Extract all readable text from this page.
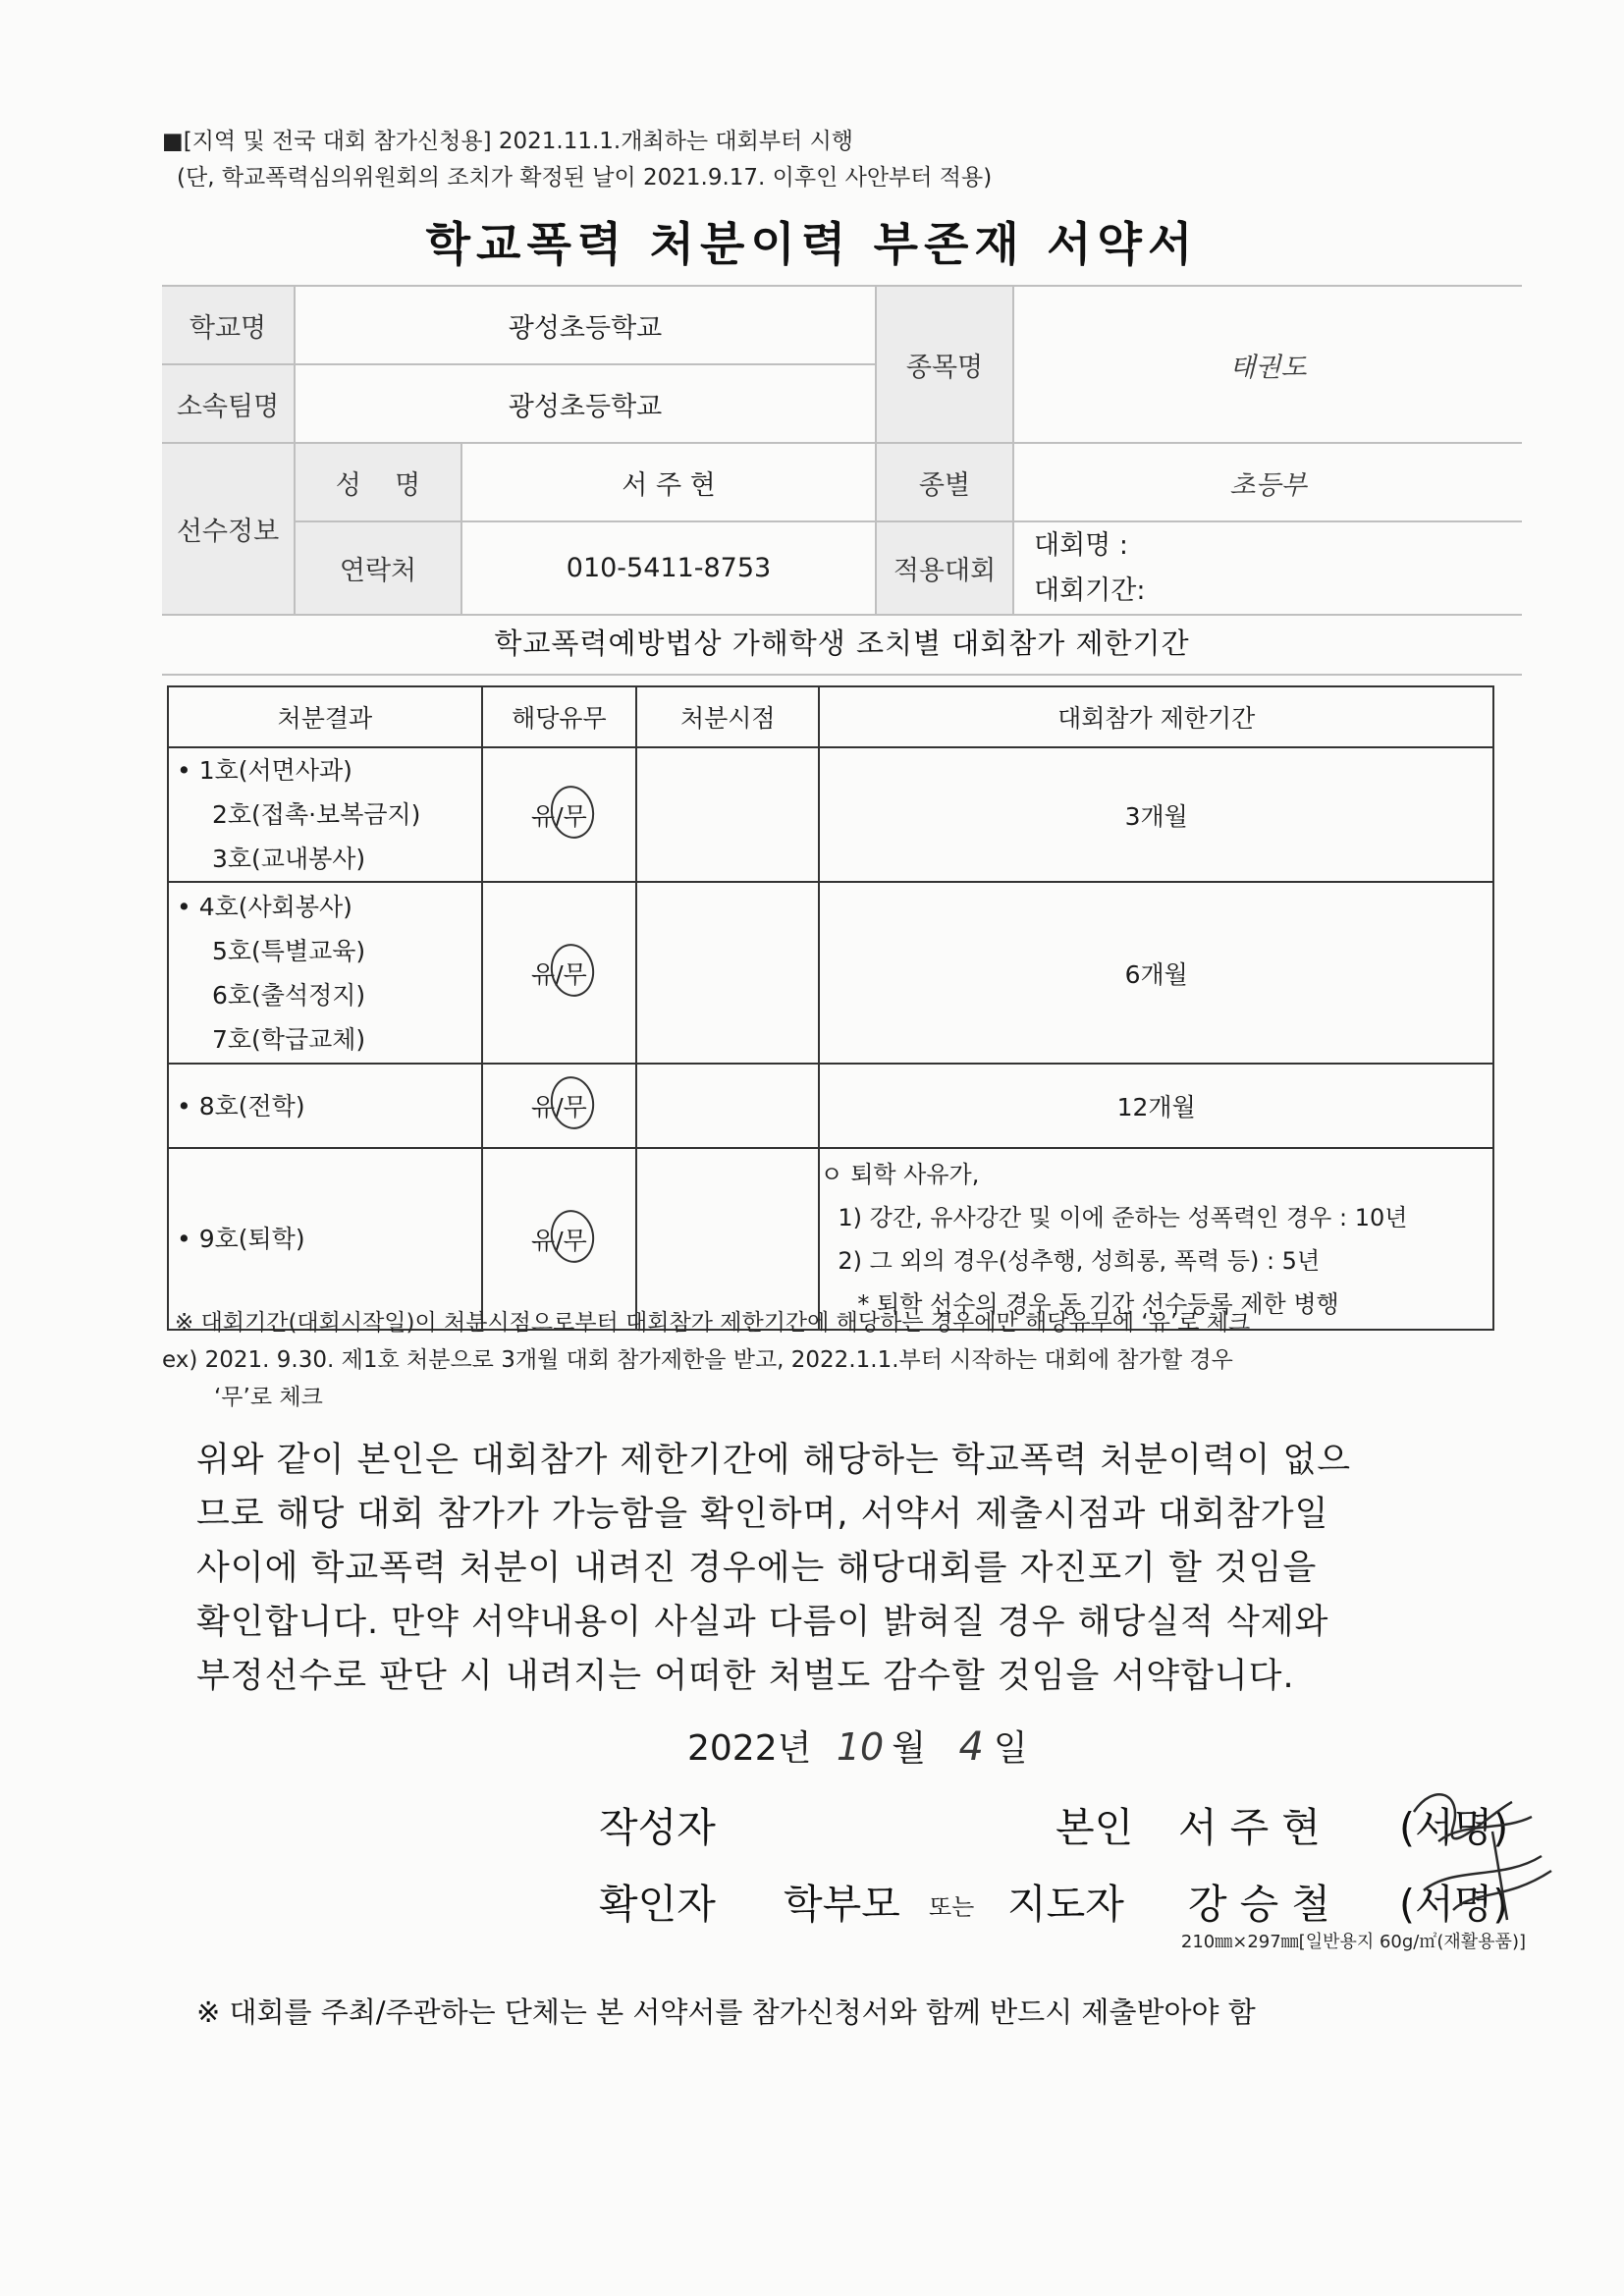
■[지역 및 전국 대회 참가신청용] 2021.11.1.개최하는 대회부터 시행
(단, 학교폭력심의위원회의 조치가 확정된 날이 2021.9.17. 이후인 사안부터 적용)
학교폭력 처분이력 부존재 서약서
학교명	광성초등학교		종목명	태권도
소속팀명	광성초등학교			
선수정보	성    명	서 주 현	종별	초등부
	연락처	010-5411-8753	적용대회	대회명 :
대회기간:
학교폭력예방법상 가해학생 조치별 대회참가 제한기간
처분결과	해당유무	처분시점	대회참가 제한기간

• 1호(서면사과)
2호(접촉·보복금지)
3호(교내봉사)	유/무		3개월

• 4호(사회봉사)
5호(특별교육)
6호(출석정지)
7호(학급교체)	유/무		6개월

• 8호(전학)	유/무		12개월

• 9호(퇴학)	유/무		ㅇ 퇴학 사유가,
1) 강간, 유사강간 및 이에 준하는 성폭력인 경우 : 10년
2) 그 외의 경우(성추행, 성희롱, 폭력 등) : 5년
* 퇴학 선수의 경우 동 기간 선수등록 제한 병행
※ 대회기간(대회시작일)이 처분시점으로부터 대회참가 제한기간에 해당하는 경우에만 해당유무에 ‘유’로 체크
ex) 2021. 9.30. 제1호 처분으로 3개월 대회 참가제한을 받고, 2022.1.1.부터 시작하는 대회에 참가할 경우
‘무’로 체크
위와 같이 본인은 대회참가 제한기간에 해당하는 학교폭력 처분이력이 없으
므로 해당 대회 참가가 가능함을 확인하며, 서약서 제출시점과 대회참가일
사이에 학교폭력 처분이 내려진 경우에는 해당대회를 자진포기 할 것임을
확인합니다. 만약 서약내용이 사실과 다름이 밝혀질 경우 해당실적 삭제와
부정선수로 판단 시 내려지는 어떠한 처벌도 감수할 것임을 서약합니다.
2022년 10 월 4 일
작성자	본인 서 주 현 (서명)
확인자 학부모 또는 지도자 강 승 철 (서명)
210㎜×297㎜[일반용지 60g/㎡(재활용품)]
※ 대회를 주최/주관하는 단체는 본 서약서를 참가신청서와 함께 반드시 제출받아야 함
